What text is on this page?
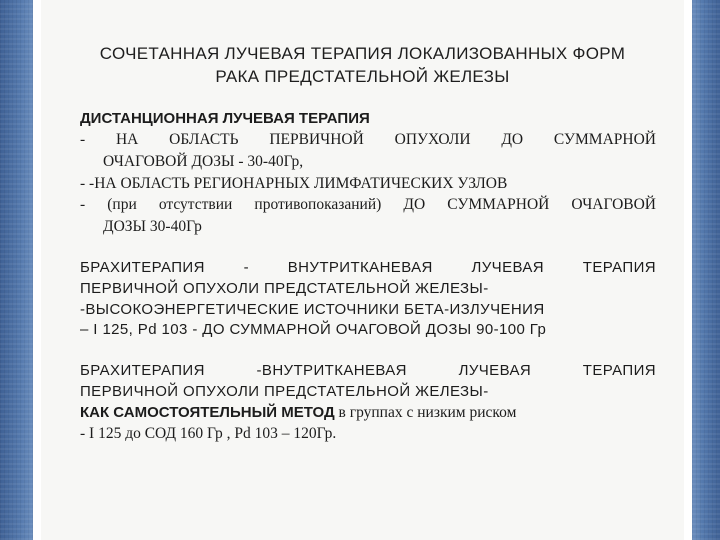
СОЧЕТАННАЯ ЛУЧЕВАЯ ТЕРАПИЯ ЛОКАЛИЗОВАННЫХ ФОРМ
РАКА ПРЕДСТАТЕЛЬНОЙ ЖЕЛЕЗЫ
ДИСТАНЦИОННАЯ ЛУЧЕВАЯ ТЕРАПИЯ
- НА ОБЛАСТЬ ПЕРВИЧНОЙ ОПУХОЛИ ДО СУММАРНОЙ
ОЧАГОВОЙ ДОЗЫ - 30-40Гр,
- -НА ОБЛАСТЬ РЕГИОНАРНЫХ ЛИМФАТИЧЕСКИХ УЗЛОВ
- (при отсутствии противопоказаний) ДО СУММАРНОЙ ОЧАГОВОЙ
ДОЗЫ 30-40Гр
БРАХИТЕРАПИЯ - ВНУТРИТКАНЕВАЯ ЛУЧЕВАЯ ТЕРАПИЯ
ПЕРВИЧНОЙ ОПУХОЛИ ПРЕДСТАТЕЛЬНОЙ ЖЕЛЕЗЫ-
-ВЫСОКОЭНЕРГЕТИЧЕСКИЕ ИСТОЧНИКИ БЕТА-ИЗЛУЧЕНИЯ
– I 125, Pd 103 - ДО СУММАРНОЙ ОЧАГОВОЙ ДОЗЫ 90-100 Гр
БРАХИТЕРАПИЯ -ВНУТРИТКАНЕВАЯ ЛУЧЕВАЯ ТЕРАПИЯ
ПЕРВИЧНОЙ ОПУХОЛИ ПРЕДСТАТЕЛЬНОЙ ЖЕЛЕЗЫ-
КАК САМОСТОЯТЕЛЬНЫЙ МЕТОД в группах с низким риском
- I 125 до СОД 160 Гр , Pd 103 – 120Гр.
